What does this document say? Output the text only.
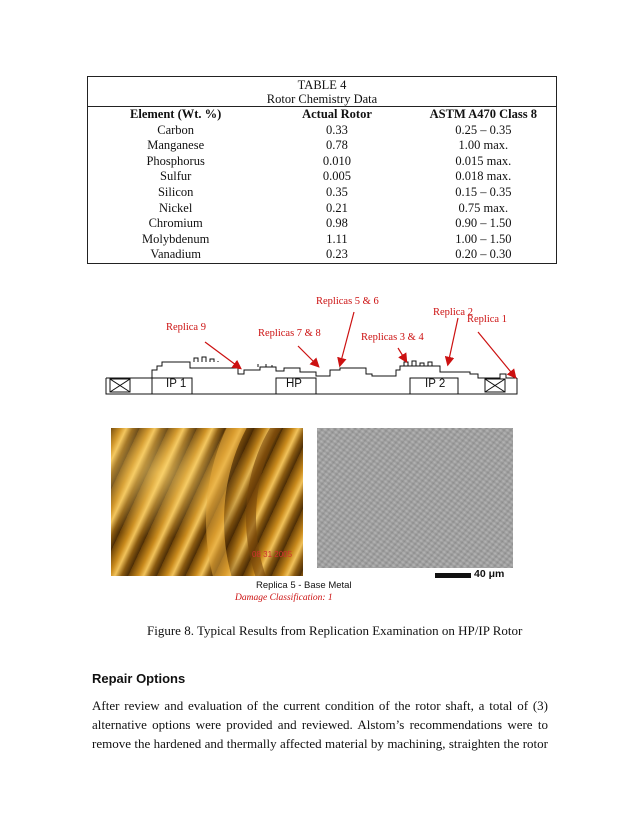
TABLE 4
Rotor Chemistry Data		

Element (Wt. %)	Actual Rotor	ASTM A470 Class 8
Carbon	0.33	0.25 – 0.35
Manganese	0.78	1.00 max.
Phosphorus	0.010	0.015 max.
Sulfur	0.005	0.018 max.
Silicon	0.35	0.15 – 0.35
Nickel	0.21	0.75 max.
Chromium	0.98	0.90 – 1.50
Molybdenum	1.11	1.00 – 1.50
Vanadium	0.23	0.20 – 0.30
Replicas 5 & 6
Replica 2
Replica 1
Replica 9
Replicas 7 & 8	Replicas 3 & 4
IP 1	HP	IP 2
08 31 2005
40 μm
Replica 5 - Base Metal
Damage Classification: 1
Figure 8. Typical Results from Replication Examination on HP/IP Rotor
Repair Options
After review and evaluation of the current condition of the rotor shaft, a total of (3)
alternative options were provided and reviewed. Alstom’s recommendations were to
remove the hardened and thermally affected material by machining, straighten the rotor
